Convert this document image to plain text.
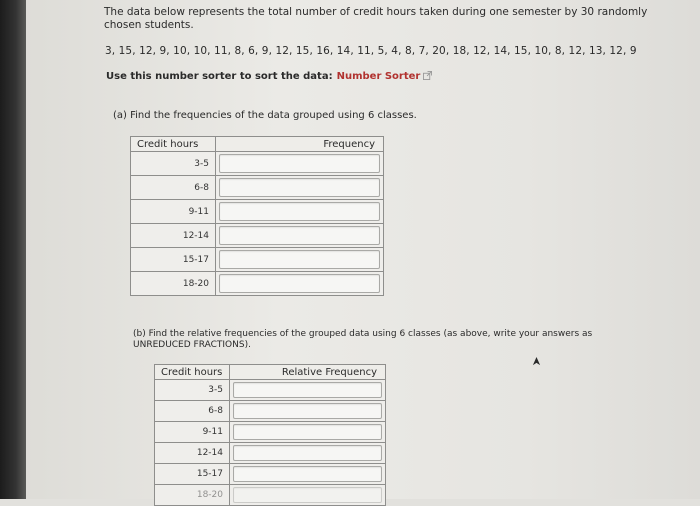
The data below represents the total number of credit hours taken during one semester by 30 randomly
chosen students.
3, 15, 12, 9, 10, 10, 11, 8, 6, 9, 12, 15, 16, 14, 11, 5, 4, 8, 7, 20, 18, 12, 14, 15, 10, 8, 12, 13, 12, 9
Use this number sorter to sort the data: Number Sorter
(a) Find the frequencies of the data grouped using 6 classes.
Credit hours	Frequency
3-5	

6-8	

9-11	

12-14	

15-17	

18-20	
(b) Find the relative frequencies of the grouped data using 6 classes (as above, write your answers as
UNREDUCED FRACTIONS).
Credit hours	Relative Frequency
3-5	

6-8	

9-11	

12-14	

15-17	

18-20	
